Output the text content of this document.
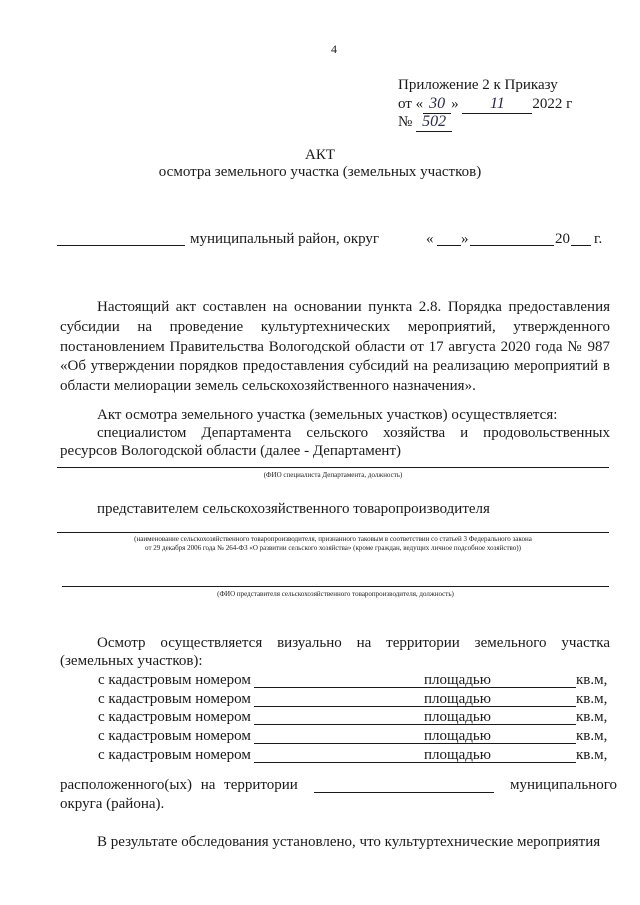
4
Приложение 2 к Приказу
от « 30 » 11 2022 г
№ 502
АКТ
осмотра земельного участка (земельных участков)
муниципальный район, округ	« »	20 г.
Настоящий акт составлен на основании пункта 2.8. Порядка предоставления
субсидии на проведение культуртехнических мероприятий, утвержденного
постановлением Правительства Вологодской области от 17 августа 2020 года № 987
«Об утверждении порядков предоставления субсидий на реализацию мероприятий в
области мелиорации земель сельскохозяйственного назначения».
Акт осмотра земельного участка (земельных участков) осуществляется:
специалистом Департамента сельского хозяйства и продовольственных
ресурсов Вологодской области (далее - Департамент)
(ФИО специалиста Департамента, должность)
представителем сельскохозяйственного товаропроизводителя
(наименование сельскохозяйственного товаропроизводителя, признанного таковым в соответствии со статьей 3 Федерального закона
от 29 декабря 2006 года № 264-ФЗ «О развитии сельского хозяйства» (кроме граждан, ведущих личное подсобное хозяйство))
(ФИО представителя сельскохозяйственного товаропроизводителя, должность)
Осмотр осуществляется визуально на территории земельного участка
(земельных участков):
с кадастровым номером	площадью	кв.м,
с кадастровым номером	площадью	кв.м,
с кадастровым номером	площадью	кв.м,
с кадастровым номером	площадью	кв.м,
с кадастровым номером	площадью	кв.м,
расположенного(ых) на территории	муниципального
округа (района).
В результате обследования установлено, что культуртехнические мероприятия
